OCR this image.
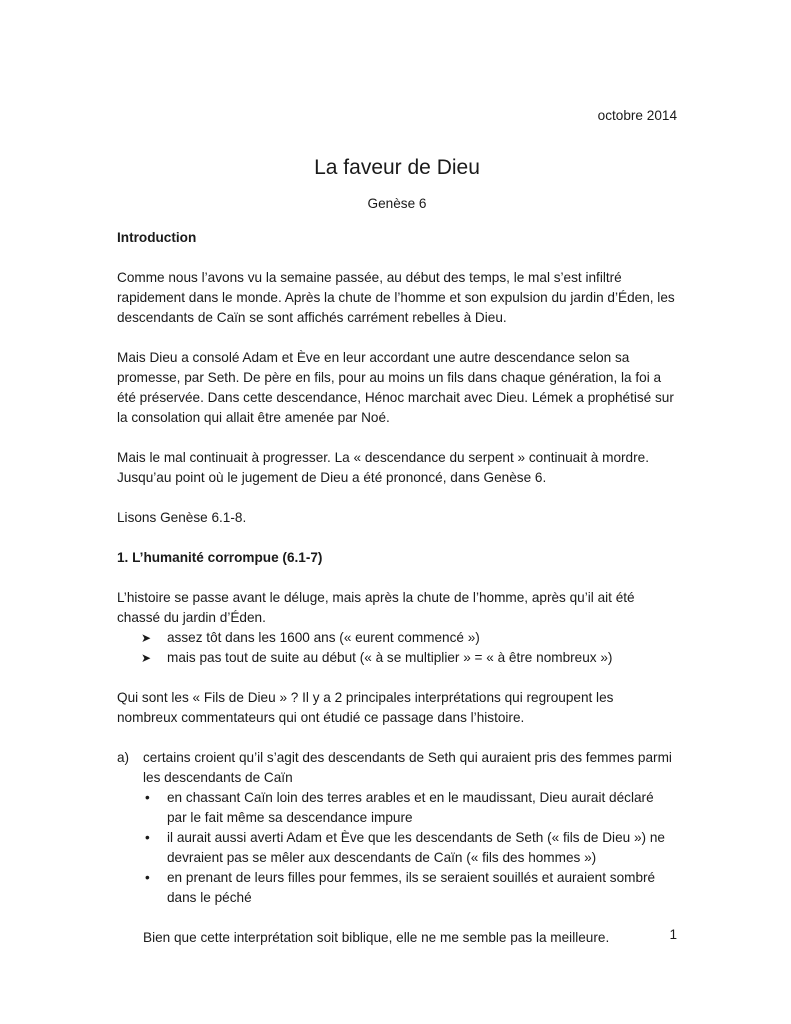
octobre 2014

La faveur de Dieu

Genèse 6

Introduction

Comme nous l’avons vu la semaine passée, au début des temps, le mal s’est infiltré rapidement dans le monde. Après la chute de l’homme et son expulsion du jardin d’Éden, les descendants de Caïn se sont affichés carrément rebelles à Dieu.

Mais Dieu a consolé Adam et Ève en leur accordant une autre descendance selon sa promesse, par Seth. De père en fils, pour au moins un fils dans chaque génération, la foi a été préservée. Dans cette descendance, Hénoc marchait avec Dieu. Lémek a prophétisé sur la consolation qui allait être amenée par Noé.

Mais le mal continuait à progresser. La « descendance du serpent » continuait à mordre. Jusqu’au point où le jugement de Dieu a été prononcé, dans Genèse 6.

Lisons Genèse 6.1-8.

1. L’humanité corrompue (6.1-7)

L’histoire se passe avant le déluge, mais après la chute de l’homme, après qu’il ait été chassé du jardin d’Éden.

➤ assez tôt dans les 1600 ans (« eurent commencé »)
➤ mais pas tout de suite au début (« à se multiplier » = « à être nombreux »)

Qui sont les « Fils de Dieu » ? Il y a 2 principales interprétations qui regroupent les nombreux commentateurs qui ont étudié ce passage dans l’histoire.

a) certains croient qu’il s’agit des descendants de Seth qui auraient pris des femmes parmi les descendants de Caïn
• en chassant Caïn loin des terres arables et en le maudissant, Dieu aurait déclaré par le fait même sa descendance impure
• il aurait aussi averti Adam et Ève que les descendants de Seth (« fils de Dieu ») ne devraient pas se mêler aux descendants de Caïn (« fils des hommes »)
• en prenant de leurs filles pour femmes, ils se seraient souillés et auraient sombré dans le péché

Bien que cette interprétation soit biblique, elle ne me semble pas la meilleure.	1
